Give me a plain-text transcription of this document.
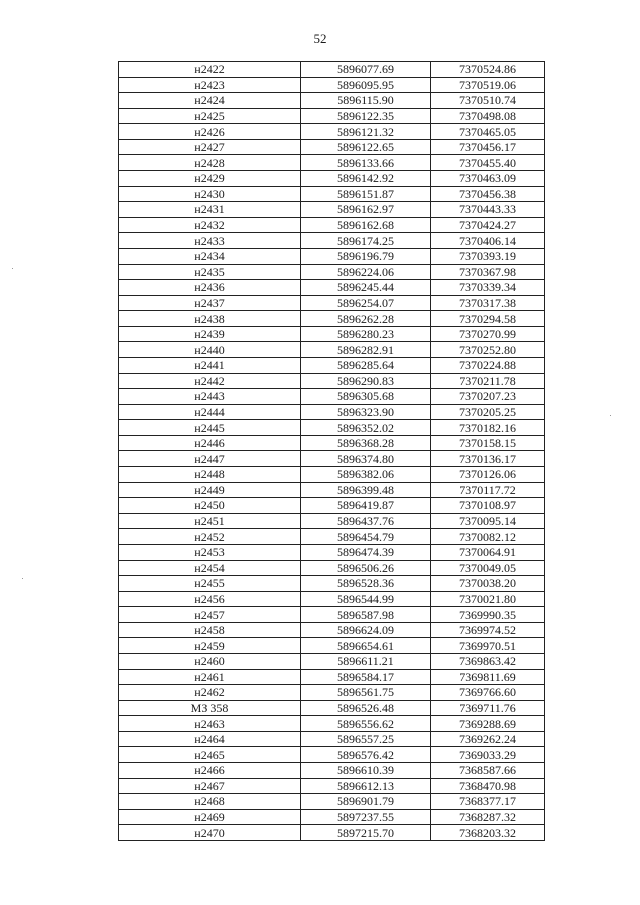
52
н2422	5896077.69	7370524.86
н2423	5896095.95	7370519.06
н2424	5896115.90	7370510.74
н2425	5896122.35	7370498.08
н2426	5896121.32	7370465.05
н2427	5896122.65	7370456.17
н2428	5896133.66	7370455.40
н2429	5896142.92	7370463.09
н2430	5896151.87	7370456.38
н2431	5896162.97	7370443.33
н2432	5896162.68	7370424.27
н2433	5896174.25	7370406.14
н2434	5896196.79	7370393.19
н2435	5896224.06	7370367.98
н2436	5896245.44	7370339.34
н2437	5896254.07	7370317.38
н2438	5896262.28	7370294.58
н2439	5896280.23	7370270.99
н2440	5896282.91	7370252.80
н2441	5896285.64	7370224.88
н2442	5896290.83	7370211.78
н2443	5896305.68	7370207.23
н2444	5896323.90	7370205.25
н2445	5896352.02	7370182.16
н2446	5896368.28	7370158.15
н2447	5896374.80	7370136.17
н2448	5896382.06	7370126.06
н2449	5896399.48	7370117.72
н2450	5896419.87	7370108.97
н2451	5896437.76	7370095.14
н2452	5896454.79	7370082.12
н2453	5896474.39	7370064.91
н2454	5896506.26	7370049.05
н2455	5896528.36	7370038.20
н2456	5896544.99	7370021.80
н2457	5896587.98	7369990.35
н2458	5896624.09	7369974.52
н2459	5896654.61	7369970.51
н2460	5896611.21	7369863.42
н2461	5896584.17	7369811.69
н2462	5896561.75	7369766.60
МЗ 358	5896526.48	7369711.76
н2463	5896556.62	7369288.69
н2464	5896557.25	7369262.24
н2465	5896576.42	7369033.29
н2466	5896610.39	7368587.66
н2467	5896612.13	7368470.98
н2468	5896901.79	7368377.17
н2469	5897237.55	7368287.32
н2470	5897215.70	7368203.32
